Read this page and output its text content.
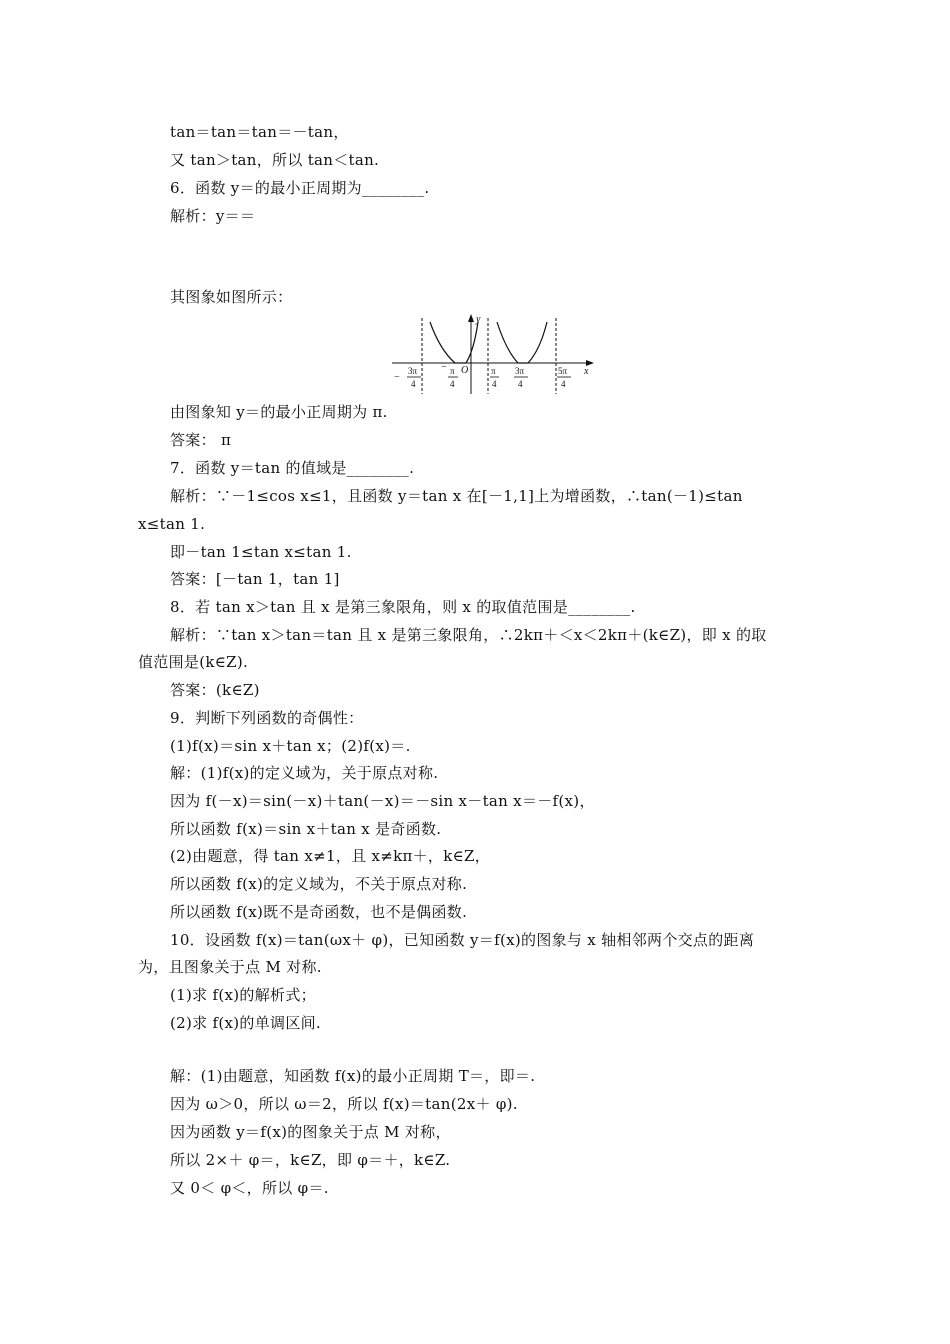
tan＝tan＝tan＝－tan，
又 tan＞tan，所以 tan＜tan.
6．函数 y＝的最小正周期为________.
解析：y＝＝
其图象如图所示：
y
x
O
−
3π
4
− π
4
π
4
3π
4
5π
4
由图象知 y＝的最小正周期为 π.
答案： π
7．函数 y＝tan 的值域是________.
解析：∵－1≤cos x≤1，且函数 y＝tan x 在[－1,1]上为增函数，∴tan(－1)≤tan
x≤tan 1.
即－tan 1≤tan x≤tan 1.
答案：[－tan 1，tan 1]
8．若 tan x＞tan 且 x 是第三象限角，则 x 的取值范围是________.
解析：∵tan x＞tan＝tan 且 x 是第三象限角，∴2kπ＋＜x＜2kπ＋(k∈Z)，即 x 的取
值范围是(k∈Z).
答案：(k∈Z)
9．判断下列函数的奇偶性：
(1)f(x)＝sin x＋tan x；(2)f(x)＝.
解：(1)f(x)的定义域为，关于原点对称.
因为 f(－x)＝sin(－x)＋tan(－x)＝－sin x－tan x＝－f(x)，
所以函数 f(x)＝sin x＋tan x 是奇函数.
(2)由题意，得 tan x≠1，且 x≠kπ＋，k∈Z，
所以函数 f(x)的定义域为，不关于原点对称.
所以函数 f(x)既不是奇函数，也不是偶函数.
10．设函数 f(x)＝tan(ωx＋ φ)，已知函数 y＝f(x)的图象与 x 轴相邻两个交点的距离
为，且图象关于点 M 对称.
(1)求 f(x)的解析式；
(2)求 f(x)的单调区间.
解：(1)由题意，知函数 f(x)的最小正周期 T＝，即＝.
因为 ω＞0，所以 ω＝2，所以 f(x)＝tan(2x＋ φ).
因为函数 y＝f(x)的图象关于点 M 对称，
所以 2×＋ φ＝，k∈Z，即 φ＝＋，k∈Z.
又 0＜ φ＜，所以 φ＝.
